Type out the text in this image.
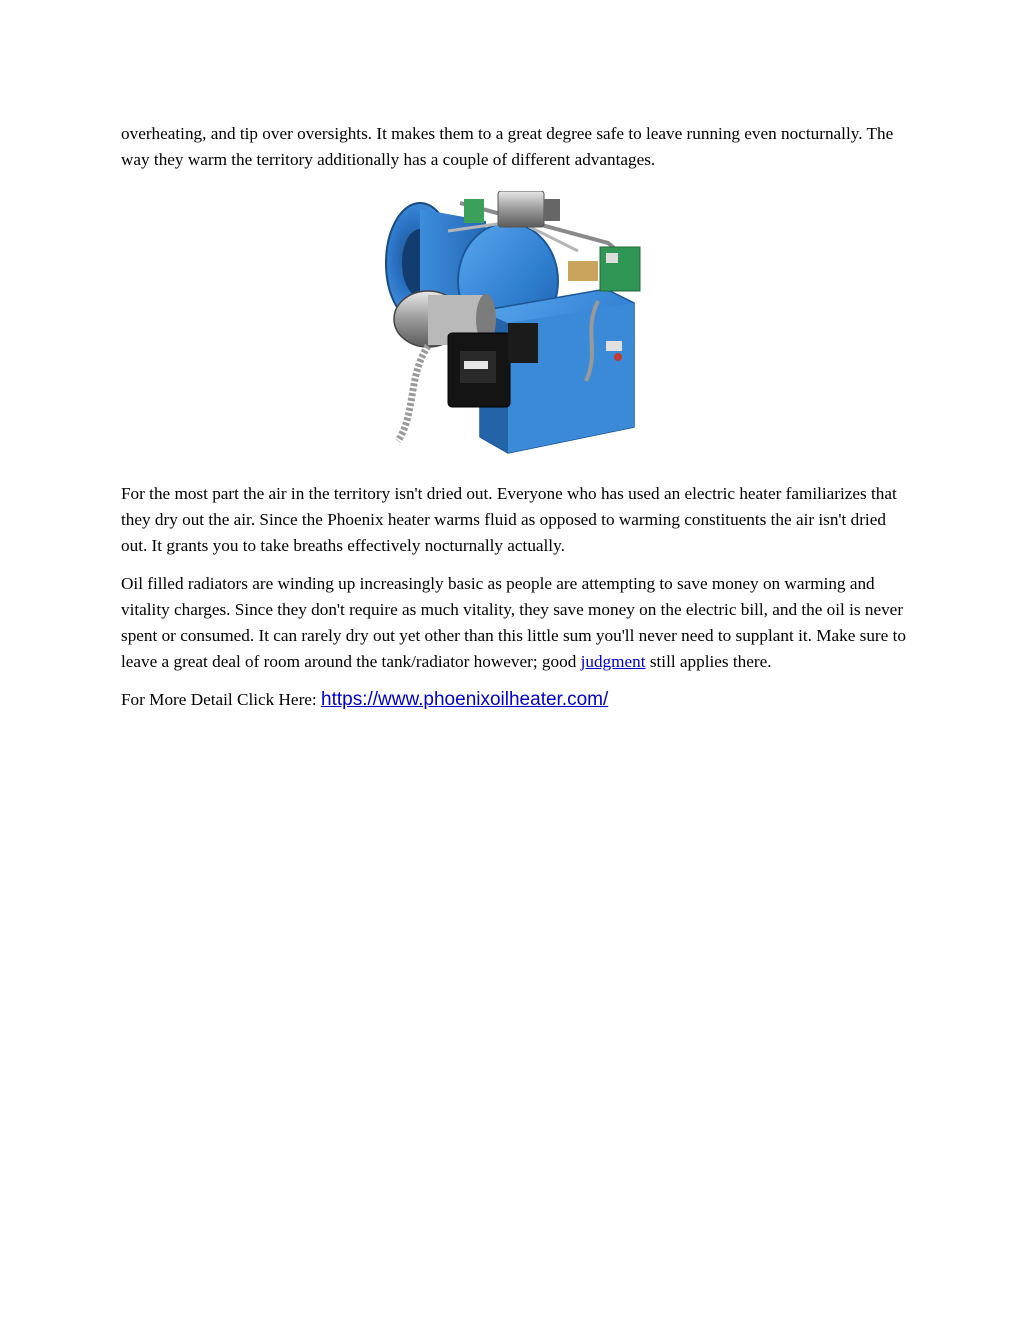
overheating, and tip over oversights. It makes them to a great degree safe to leave running even nocturnally. The way they warm the territory additionally has a couple of different advantages.

For the most part the air in the territory isn't dried out. Everyone who has used an electric heater familiarizes that they dry out the air. Since the Phoenix heater warms fluid as opposed to warming constituents the air isn't dried out. It grants you to take breaths effectively nocturnally actually.

Oil filled radiators are winding up increasingly basic as people are attempting to save money on warming and vitality charges. Since they don't require as much vitality, they save money on the electric bill, and the oil is never spent or consumed. It can rarely dry out yet other than this little sum you'll never need to supplant it. Make sure to leave a great deal of room around the tank/radiator however; good judgment still applies there.

For More Detail Click Here: https://www.phoenixoilheater.com/
